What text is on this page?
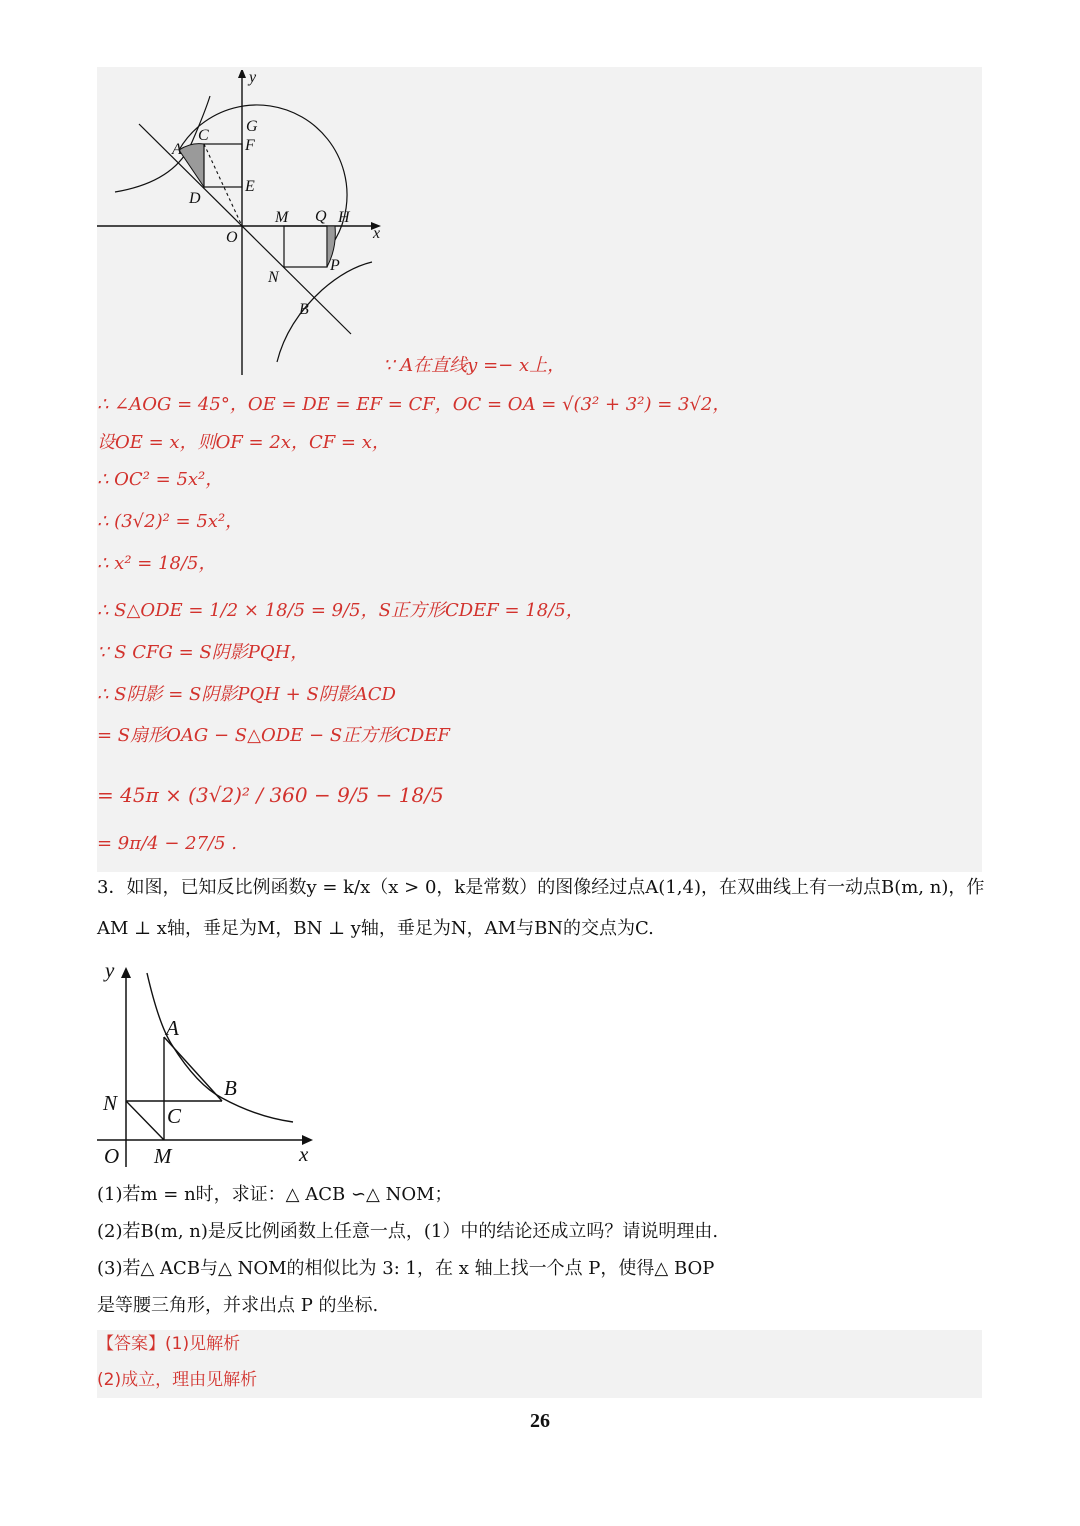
y
x
O
A
C
G
F
E
D
M Q H
N
P
B
∵ A在直线y =− x上，
∴ ∠AOG = 45°，OE = DE = EF = CF，OC = OA = √(3² + 3²) = 3√2，
设OE = x，则OF = 2x，CF = x，
∴ OC² = 5x²，
∴ (3√2)² = 5x²，
∴ x² = 18/5，
∴ S△ODE = 1/2 × 18/5 = 9/5，S正方形CDEF = 18/5，
∵ S CFG = S阴影PQH，
∴ S阴影 = S阴影PQH + S阴影ACD
= S扇形OAG − S△ODE − S正方形CDEF
= 45π × (3√2)² / 360 − 9/5 − 18/5
= 9π/4 − 27/5 .
3．如图，已知反比例函数y = k/x（x > 0，k是常数）的图像经过点A(1,4)，在双曲线上有一动点B(m, n)，作
AM ⊥ x轴，垂足为M，BN ⊥ y轴，垂足为N，AM与BN的交点为C.
y
x
O M
N
A
B
C
(1)若m = n时，求证：△ ACB ∽△ NOM；
(2)若B(m, n)是反比例函数上任意一点，(1）中的结论还成立吗？请说明理由.
(3)若△ ACB与△ NOM的相似比为 3: 1，在 x 轴上找一个点 P，使得△ BOP
是等腰三角形，并求出点 P 的坐标.
【答案】(1)见解析
(2)成立，理由见解析
26
